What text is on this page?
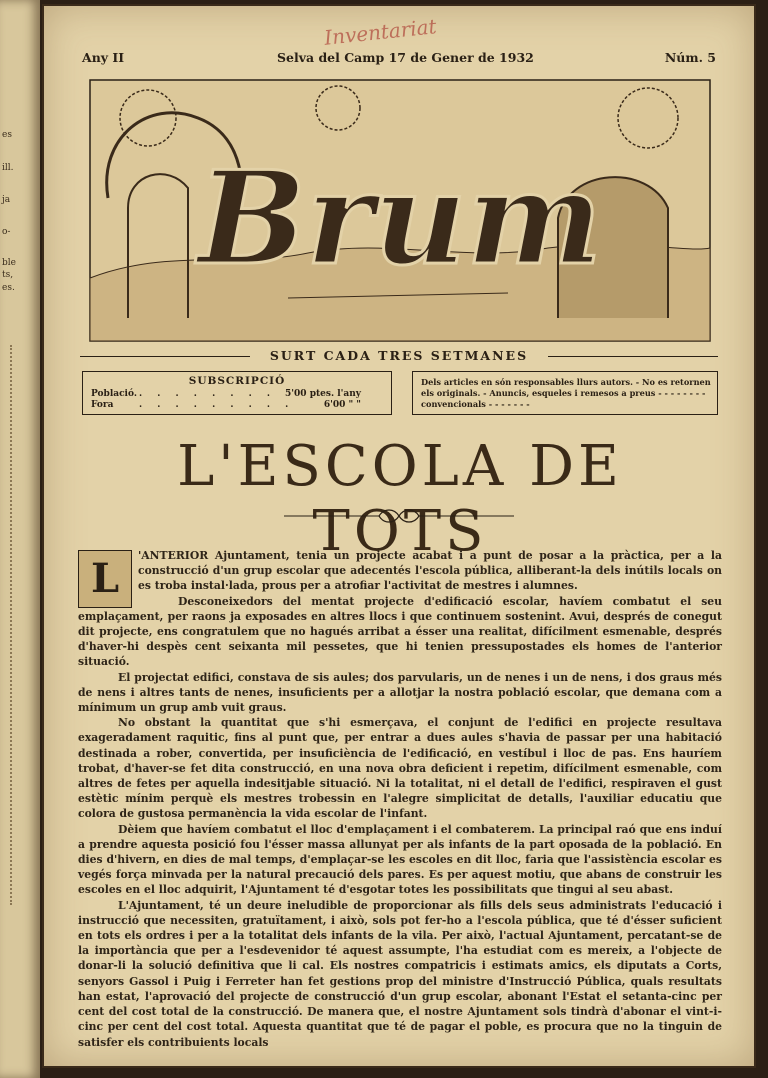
es
ill.
ja
o-
ble
ts,
es.
Inventariat
Any II	Selva del Camp 17 de Gener de 1932	Núm. 5
Brum
SURT CADA TRES SETMANES
SUBSCRIPCIÓ
Població. . . . . . . . . 5'00 ptes. l'any
Fora	. . . . . . . . .	6'00 " "
Dels articles en són responsables llurs autors. - No es retornen els originals. - Anuncis, esqueles i remesos a preus - - - - - - - - convencionals - - - - - - -
L'ESCOLA DE TOTS
L	'ANTERIOR Ajuntament, tenia un projecte acabat i a punt de posar a la pràctica, per a la construcció d'un grup escolar que adecentés l'escola pública, alliberant-la dels inútils locals on es troba instal·lada, prous per a atrofiar l'activitat de mestres i alumnes.

Desconeixedors del mentat projecte d'edificació escolar, havíem combatut el seu emplaçament, per raons ja exposades en altres llocs i que continuem sostenint. Avui, després de conegut dit projecte, ens congratulem que no hagués arribat a ésser una realitat, difícilment esmenable, després d'haver-hi despès cent seixanta mil pessetes, que hi tenien pressupostades els homes de l'anterior situació.

El projectat edifici, constava de sis aules; dos parvularis, un de nenes i un de nens, i dos graus més de nens i altres tants de nenes, insuficients per a allotjar la nostra població escolar, que demana com a mínimum un grup amb vuit graus.

No obstant la quantitat que s'hi esmerçava, el conjunt de l'edifici en projecte resultava exageradament raquitic, fins al punt que, per entrar a dues aules s'havia de passar per una habitació destinada a rober, convertida, per insuficiència de l'edificació, en vestíbul i lloc de pas. Ens hauríem trobat, d'haver-se fet dita construcció, en una nova obra deficient i repetim, difícilment esmenable, com altres de fetes per aquella indesitjable situació. Ni la totalitat, ni el detall de l'edifici, respiraven el gust estètic mínim perquè els mestres trobessin en l'alegre simplicitat de detalls, l'auxiliar educatiu que colora de gustosa permanència la vida escolar de l'infant.

Dèiem que havíem combatut el lloc d'emplaçament i el combaterem. La principal raó que ens induí a prendre aquesta posició fou l'ésser massa allunyat per als infants de la part oposada de la població. En dies d'hivern, en dies de mal temps, d'emplaçar-se les escoles en dit lloc, faria que l'assistència escolar es vegés força minvada per la natural precaució dels pares. Es per aquest motiu, que abans de construir les escoles en el lloc adquirit, l'Ajuntament té d'esgotar totes les possibilitats que tingui al seu abast.

L'Ajuntament, té un deure ineludible de proporcionar als fills dels seus administrats l'educació i instrucció que necessiten, gratuïtament, i això, sols pot fer-ho a l'escola pública, que té d'ésser suficient en tots els ordres i per a la totalitat dels infants de la vila. Per això, l'actual Ajuntament, percatant-se de la importància que per a l'esdevenidor té aquest assumpte, l'ha estudiat com es mereix, a l'objecte de donar-li la solució definitiva que li cal. Els nostres compatricis i estimats amics, els diputats a Corts, senyors Gassol i Puig i Ferreter han fet gestions prop del ministre d'Instrucció Pública, quals resultats han estat, l'aprovació del projecte de construcció d'un grup escolar, abonant l'Estat el setanta-cinc per cent del cost total de la construcció. De manera que, el nostre Ajuntament sols tindrà d'abonar el vint-i-cinc per cent del cost total. Aquesta quantitat que té de pagar el poble, es procura que no la tinguin de satisfer els contribuients locals
